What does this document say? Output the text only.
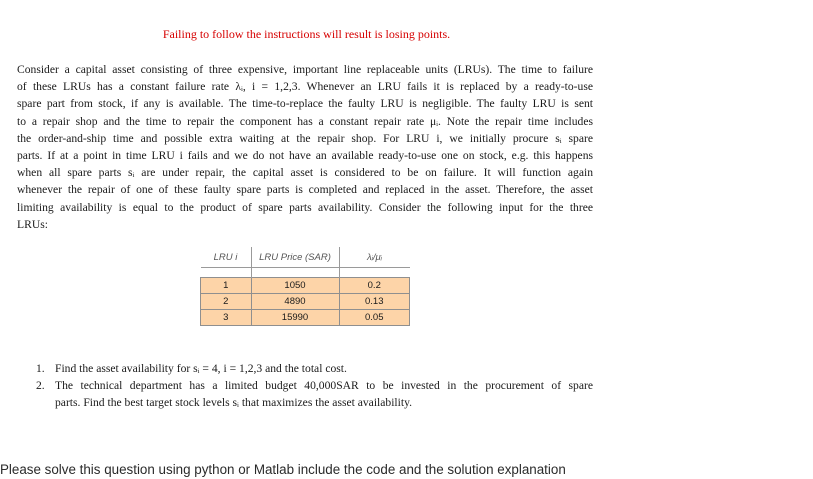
Failing to follow the instructions will result is losing points.
Consider a capital asset consisting of three expensive, important line replaceable units (LRUs). The time to failure
of these LRUs has a constant failure rate λᵢ, i = 1,2,3. Whenever an LRU fails it is replaced by a ready-to-use
spare part from stock, if any is available. The time-to-replace the faulty LRU is negligible. The faulty LRU is sent
to a repair shop and the time to repair the component has a constant repair rate μᵢ. Note the repair time includes
the order-and-ship time and possible extra waiting at the repair shop. For LRU i, we initially procure sᵢ spare
parts. If at a point in time LRU i fails and we do not have an available ready-to-use one on stock, e.g. this happens
when all spare parts sᵢ are under repair, the capital asset is considered to be on failure. It will function again
whenever the repair of one of these faulty spare parts is completed and replaced in the asset. Therefore, the asset
limiting availability is equal to the product of spare parts availability. Consider the following input for the three
LRUs:
LRU i	LRU Price (SAR)	λᵢ/μᵢ

1	1050	0.2
2	4890	0.13
3	15990	0.05
1. Find the asset availability for sᵢ = 4, i = 1,2,3 and the total cost.
2. The technical department has a limited budget 40,000SAR to be invested in the procurement of spare
parts. Find the best target stock levels sᵢ that maximizes the asset availability.
Please solve this question using python or Matlab include the code and the solution explanation
